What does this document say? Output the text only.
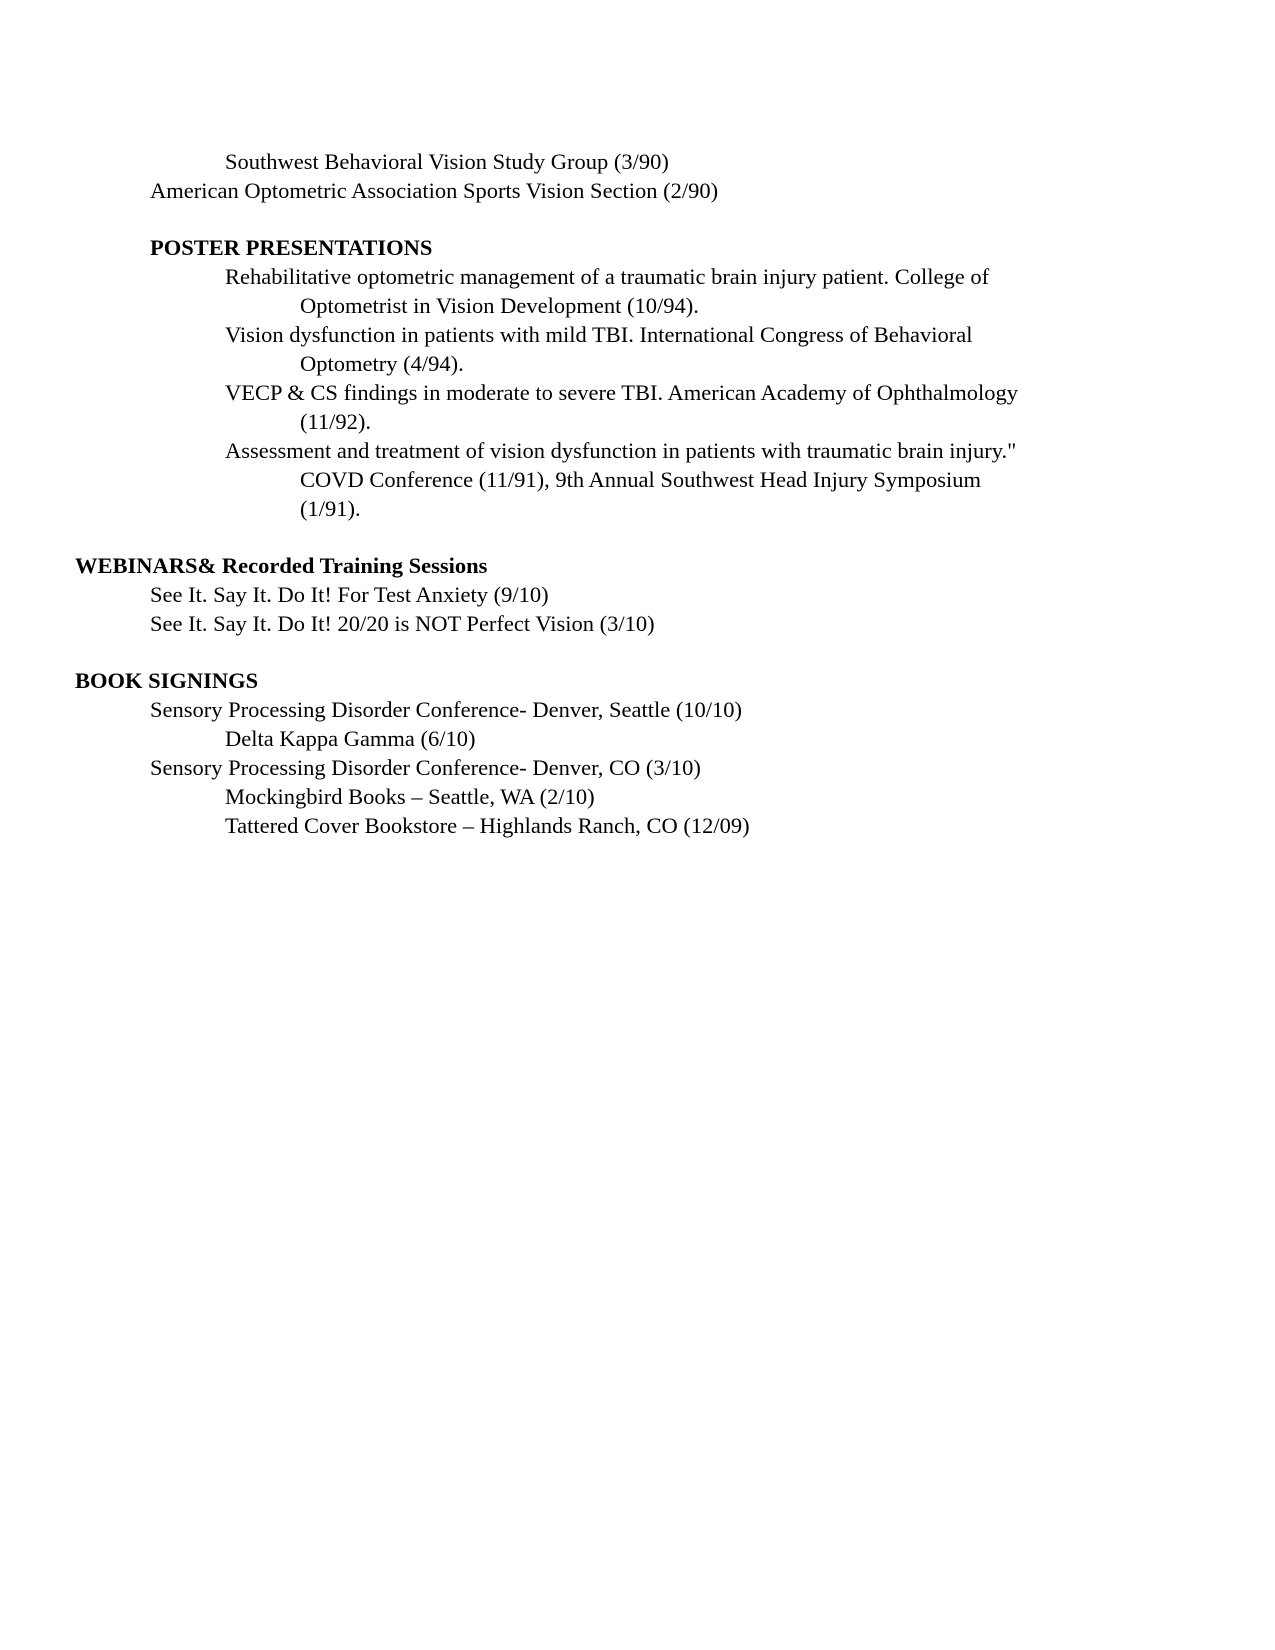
Southwest Behavioral Vision Study Group (3/90)
American Optometric Association Sports Vision Section (2/90)
POSTER PRESENTATIONS
Rehabilitative optometric management of a traumatic brain injury patient. College of
Optometrist in Vision Development (10/94).
Vision dysfunction in patients with mild TBI. International Congress of Behavioral
Optometry (4/94).
VECP & CS findings in moderate to severe TBI. American Academy of Ophthalmology
(11/92).
Assessment and treatment of vision dysfunction in patients with traumatic brain injury."
COVD Conference (11/91), 9th Annual Southwest Head Injury Symposium
(1/91).
WEBINARS& Recorded Training Sessions
See It. Say It. Do It! For Test Anxiety (9/10)
See It. Say It. Do It! 20/20 is NOT Perfect Vision (3/10)
BOOK SIGNINGS
Sensory Processing Disorder Conference- Denver, Seattle (10/10)
Delta Kappa Gamma (6/10)
Sensory Processing Disorder Conference- Denver, CO (3/10)
Mockingbird Books – Seattle, WA (2/10)
Tattered Cover Bookstore – Highlands Ranch, CO (12/09)
